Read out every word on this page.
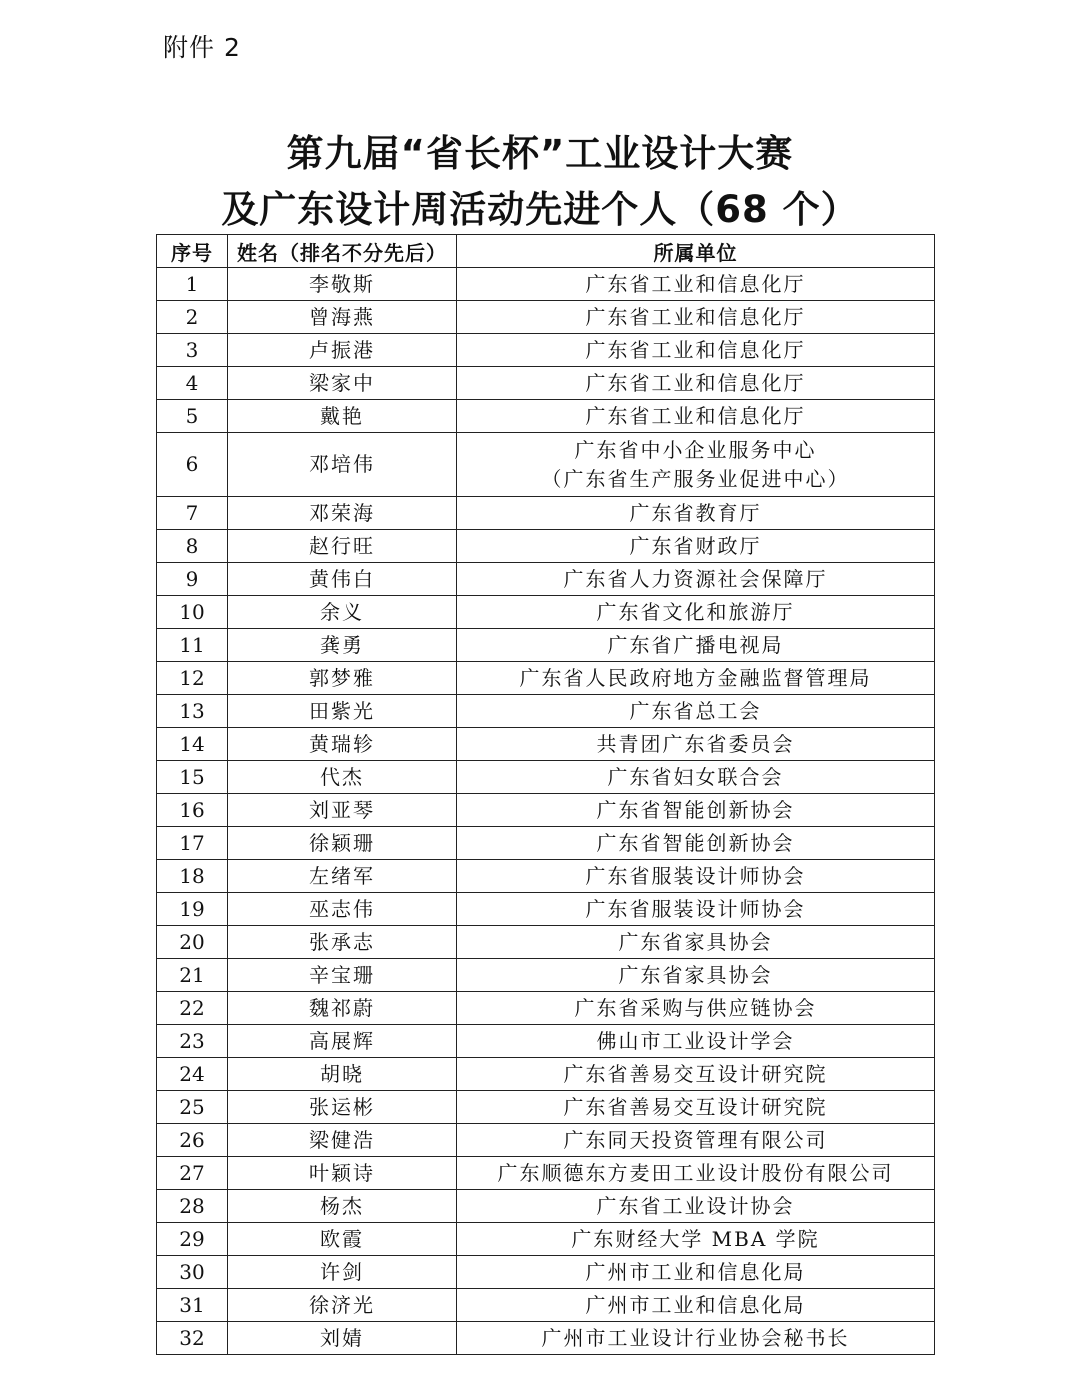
附件 2
第九届“省长杯”工业设计大赛
及广东设计周活动先进个人（68 个）
序号	姓名（排名不分先后）	所属单位
1	李敬斯	广东省工业和信息化厅
2	曾海燕	广东省工业和信息化厅
3	卢振港	广东省工业和信息化厅
4	梁家中	广东省工业和信息化厅
5	戴艳	广东省工业和信息化厅
6	邓培伟	广东省中小企业服务中心
（广东省生产服务业促进中心）

7	邓荣海	广东省教育厅
8	赵行旺	广东省财政厅
9	黄伟白	广东省人力资源社会保障厅
10	余义	广东省文化和旅游厅
11	龚勇	广东省广播电视局
12	郭梦雅	广东省人民政府地方金融监督管理局
13	田紫光	广东省总工会
14	黄瑞轸	共青团广东省委员会
15	代杰	广东省妇女联合会
16	刘亚琴	广东省智能创新协会
17	徐颖珊	广东省智能创新协会
18	左绪军	广东省服装设计师协会
19	巫志伟	广东省服装设计师协会
20	张承志	广东省家具协会
21	辛宝珊	广东省家具协会
22	魏祁蔚	广东省采购与供应链协会
23	高展辉	佛山市工业设计学会
24	胡晓	广东省善易交互设计研究院
25	张运彬	广东省善易交互设计研究院
26	梁健浩	广东同天投资管理有限公司
27	叶颖诗	广东顺德东方麦田工业设计股份有限公司
28	杨杰	广东省工业设计协会
29	欧霞	广东财经大学 MBA 学院
30	许剑	广州市工业和信息化局
31	徐济光	广州市工业和信息化局
32	刘婧	广州市工业设计行业协会秘书长
